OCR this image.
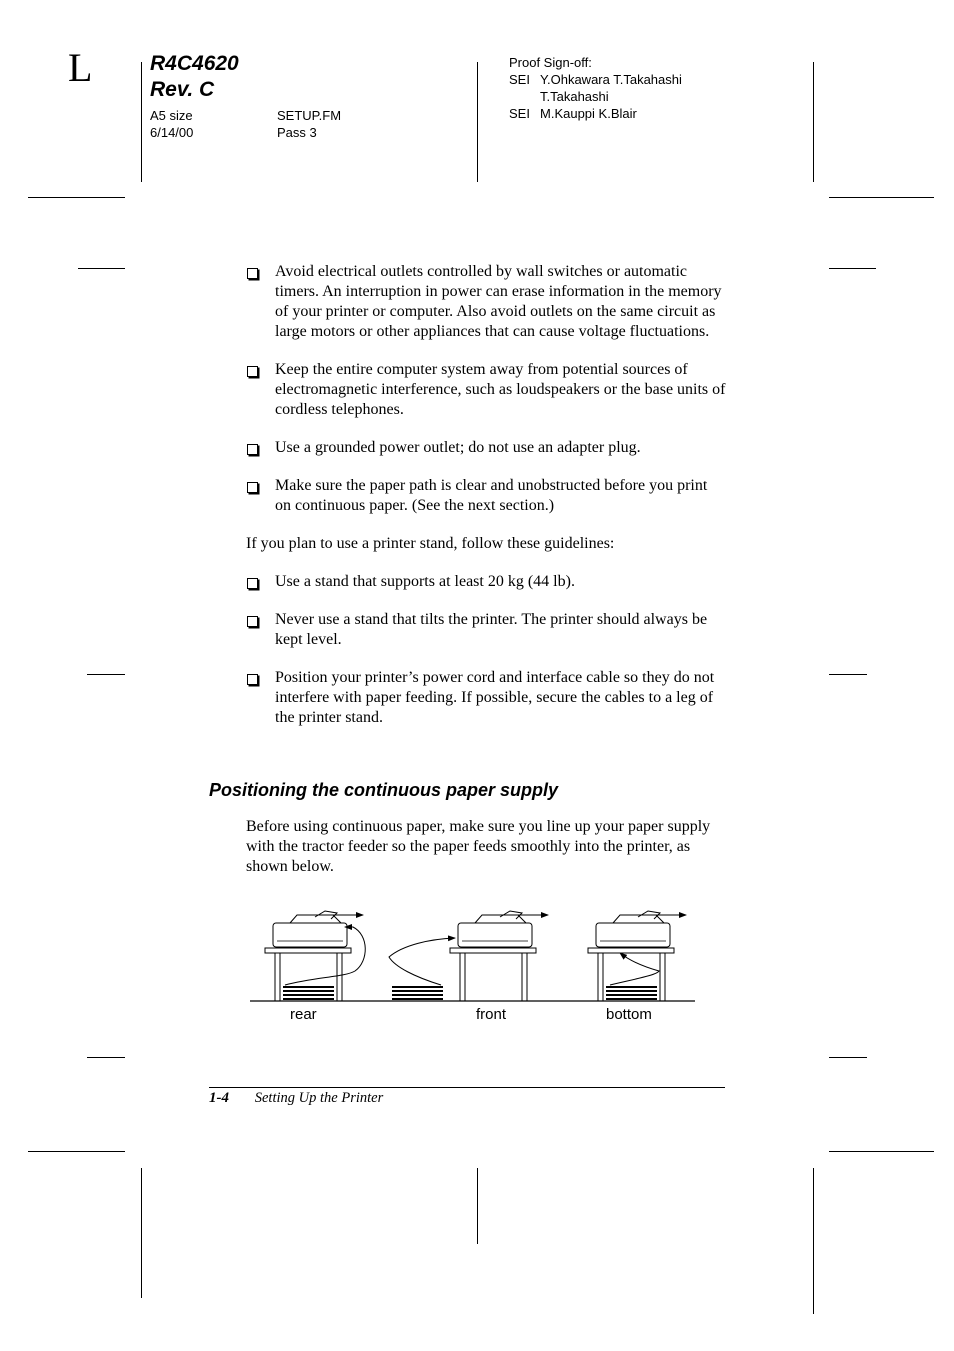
L	R4C4620
Rev. C
A5 size
6/14/00
SETUP.FM
Pass 3
Proof Sign-off:
SEI Y.Ohkawara T.Takahashi
T.Takahashi
SEI M.Kauppi K.Blair
Avoid electrical outlets controlled by wall switches or automatic timers. An interruption in power can erase information in the memory of your printer or computer. Also avoid outlets on the same circuit as large motors or other appliances that can cause voltage fluctuations.
Keep the entire computer system away from potential sources of electromagnetic interference, such as loudspeakers or the base units of cordless telephones.
Use a grounded power outlet; do not use an adapter plug.
Make sure the paper path is clear and unobstructed before you print on continuous paper. (See the next section.)

If you plan to use a printer stand, follow these guidelines:

Use a stand that supports at least 20 kg (44 lb).
Never use a stand that tilts the printer. The printer should always be kept level.
Position your printer’s power cord and interface cable so they do not interfere with paper feeding. If possible, secure the cables to a leg of the printer stand.
Positioning the continuous paper supply
Before using continuous paper, make sure you line up your paper supply with the tractor feeder so the paper feeds smoothly into the printer, as shown below.
rear	front	bottom
1-4 Setting Up the Printer
